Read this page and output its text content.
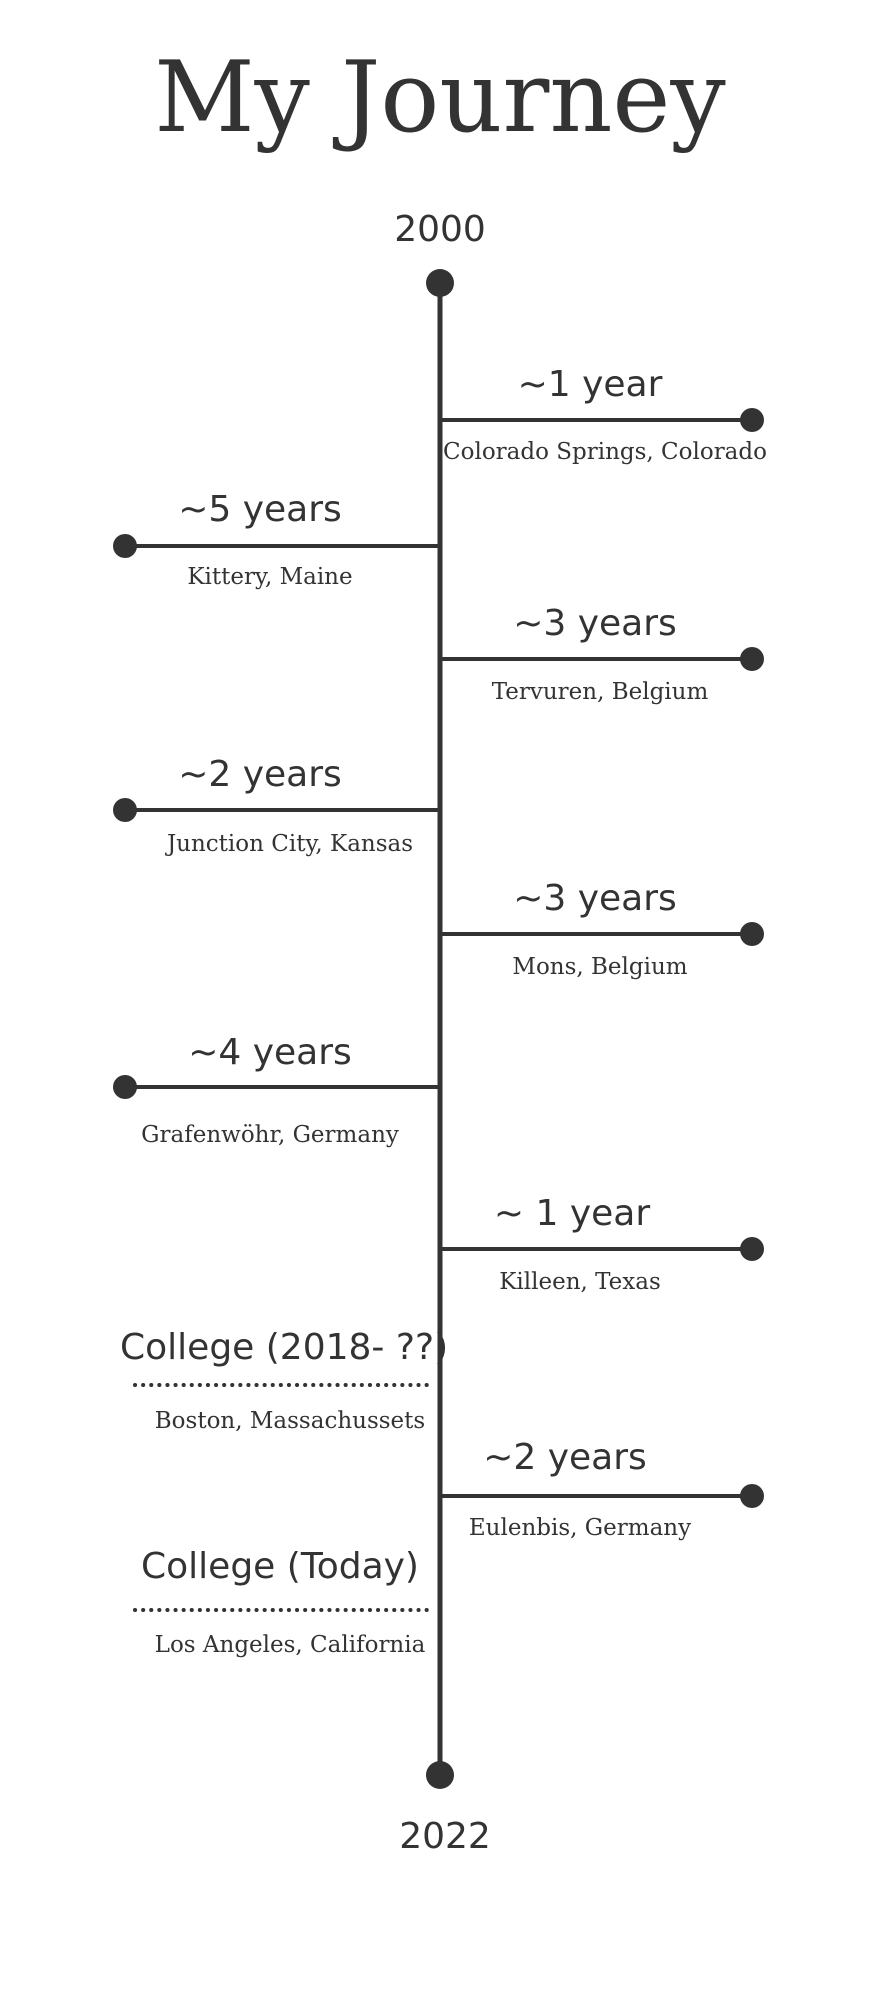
My Journey
2000
2022
~1 year
Colorado Springs, Colorado
~5 years
Kittery, Maine
~3 years
Tervuren, Belgium
~2 years
Junction City, Kansas
~3 years
Mons, Belgium
~4 years
Grafenwöhr, Germany
~ 1 year
Killeen, Texas
College (2018- ??)
Boston, Massachussets
~2 years
Eulenbis, Germany
College (Today)
Los Angeles, California
